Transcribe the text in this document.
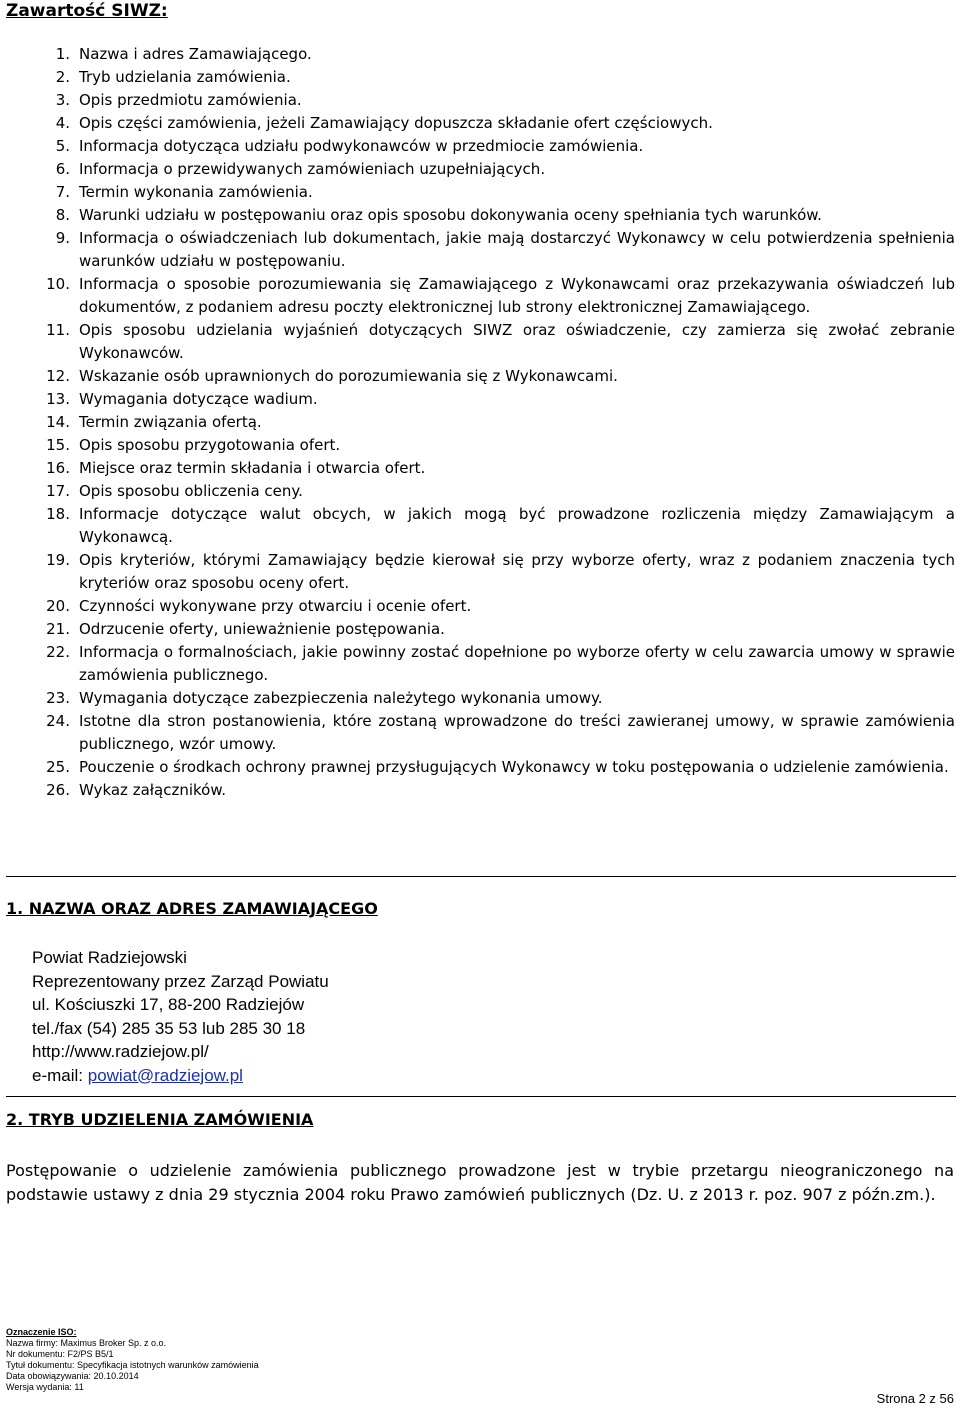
Zawartość SIWZ:
1. Nazwa i adres Zamawiającego.
2. Tryb udzielania zamówienia.
3. Opis przedmiotu zamówienia.
4. Opis części zamówienia, jeżeli Zamawiający dopuszcza składanie ofert częściowych.
5. Informacja dotycząca udziału podwykonawców w przedmiocie zamówienia.
6. Informacja o przewidywanych zamówieniach uzupełniających.
7. Termin wykonania zamówienia.
8. Warunki udziału w postępowaniu oraz opis sposobu dokonywania oceny spełniania tych warunków.
9. Informacja o oświadczeniach lub dokumentach, jakie mają dostarczyć Wykonawcy w celu potwierdzenia spełnienia warunków udziału w postępowaniu.
10. Informacja o sposobie porozumiewania się Zamawiającego z Wykonawcami oraz przekazywania oświadczeń lub dokumentów, z podaniem adresu poczty elektronicznej lub strony elektronicznej Zamawiającego.
11. Opis sposobu udzielania wyjaśnień dotyczących SIWZ oraz oświadczenie, czy zamierza się zwołać zebranie Wykonawców.
12. Wskazanie osób uprawnionych do porozumiewania się z Wykonawcami.
13. Wymagania dotyczące wadium.
14. Termin związania ofertą.
15. Opis sposobu przygotowania ofert.
16. Miejsce oraz termin składania i otwarcia ofert.
17. Opis sposobu obliczenia ceny.
18. Informacje dotyczące walut obcych, w jakich mogą być prowadzone rozliczenia między Zamawiającym a Wykonawcą.
19. Opis kryteriów, którymi Zamawiający będzie kierował się przy wyborze oferty, wraz z podaniem znaczenia tych kryteriów oraz sposobu oceny ofert.
20. Czynności wykonywane przy otwarciu i ocenie ofert.
21. Odrzucenie oferty, unieważnienie postępowania.
22. Informacja o formalnościach, jakie powinny zostać dopełnione po wyborze oferty w celu zawarcia umowy w sprawie zamówienia publicznego.
23. Wymagania dotyczące zabezpieczenia należytego wykonania umowy.
24. Istotne dla stron postanowienia, które zostaną wprowadzone do treści zawieranej umowy, w sprawie zamówienia publicznego, wzór umowy.
25. Pouczenie o środkach ochrony prawnej przysługujących Wykonawcy w toku postępowania o udzielenie zamówienia.
26. Wykaz załączników.
1. NAZWA ORAZ ADRES ZAMAWIAJĄCEGO
Powiat Radziejowski
Reprezentowany przez Zarząd Powiatu
ul. Kościuszki 17, 88-200 Radziejów
tel./fax (54) 285 35 53 lub 285 30 18
http://www.radziejow.pl/
e-mail: powiat@radziejow.pl
2. TRYB UDZIELENIA ZAMÓWIENIA
Postępowanie o udzielenie zamówienia publicznego prowadzone jest w trybie przetargu nieograniczonego na podstawie ustawy z dnia 29 stycznia 2004 roku Prawo zamówień publicznych (Dz. U. z 2013 r. poz. 907 z późn.zm.).
Oznaczenie ISO:
Nazwa firmy: Maximus Broker Sp. z o.o.
Nr dokumentu: F2/PS B5/1
Tytuł dokumentu: Specyfikacja istotnych warunków zamówienia
Data obowiązywania: 20.10.2014
Wersja wydania: 11
Strona 2 z 56
